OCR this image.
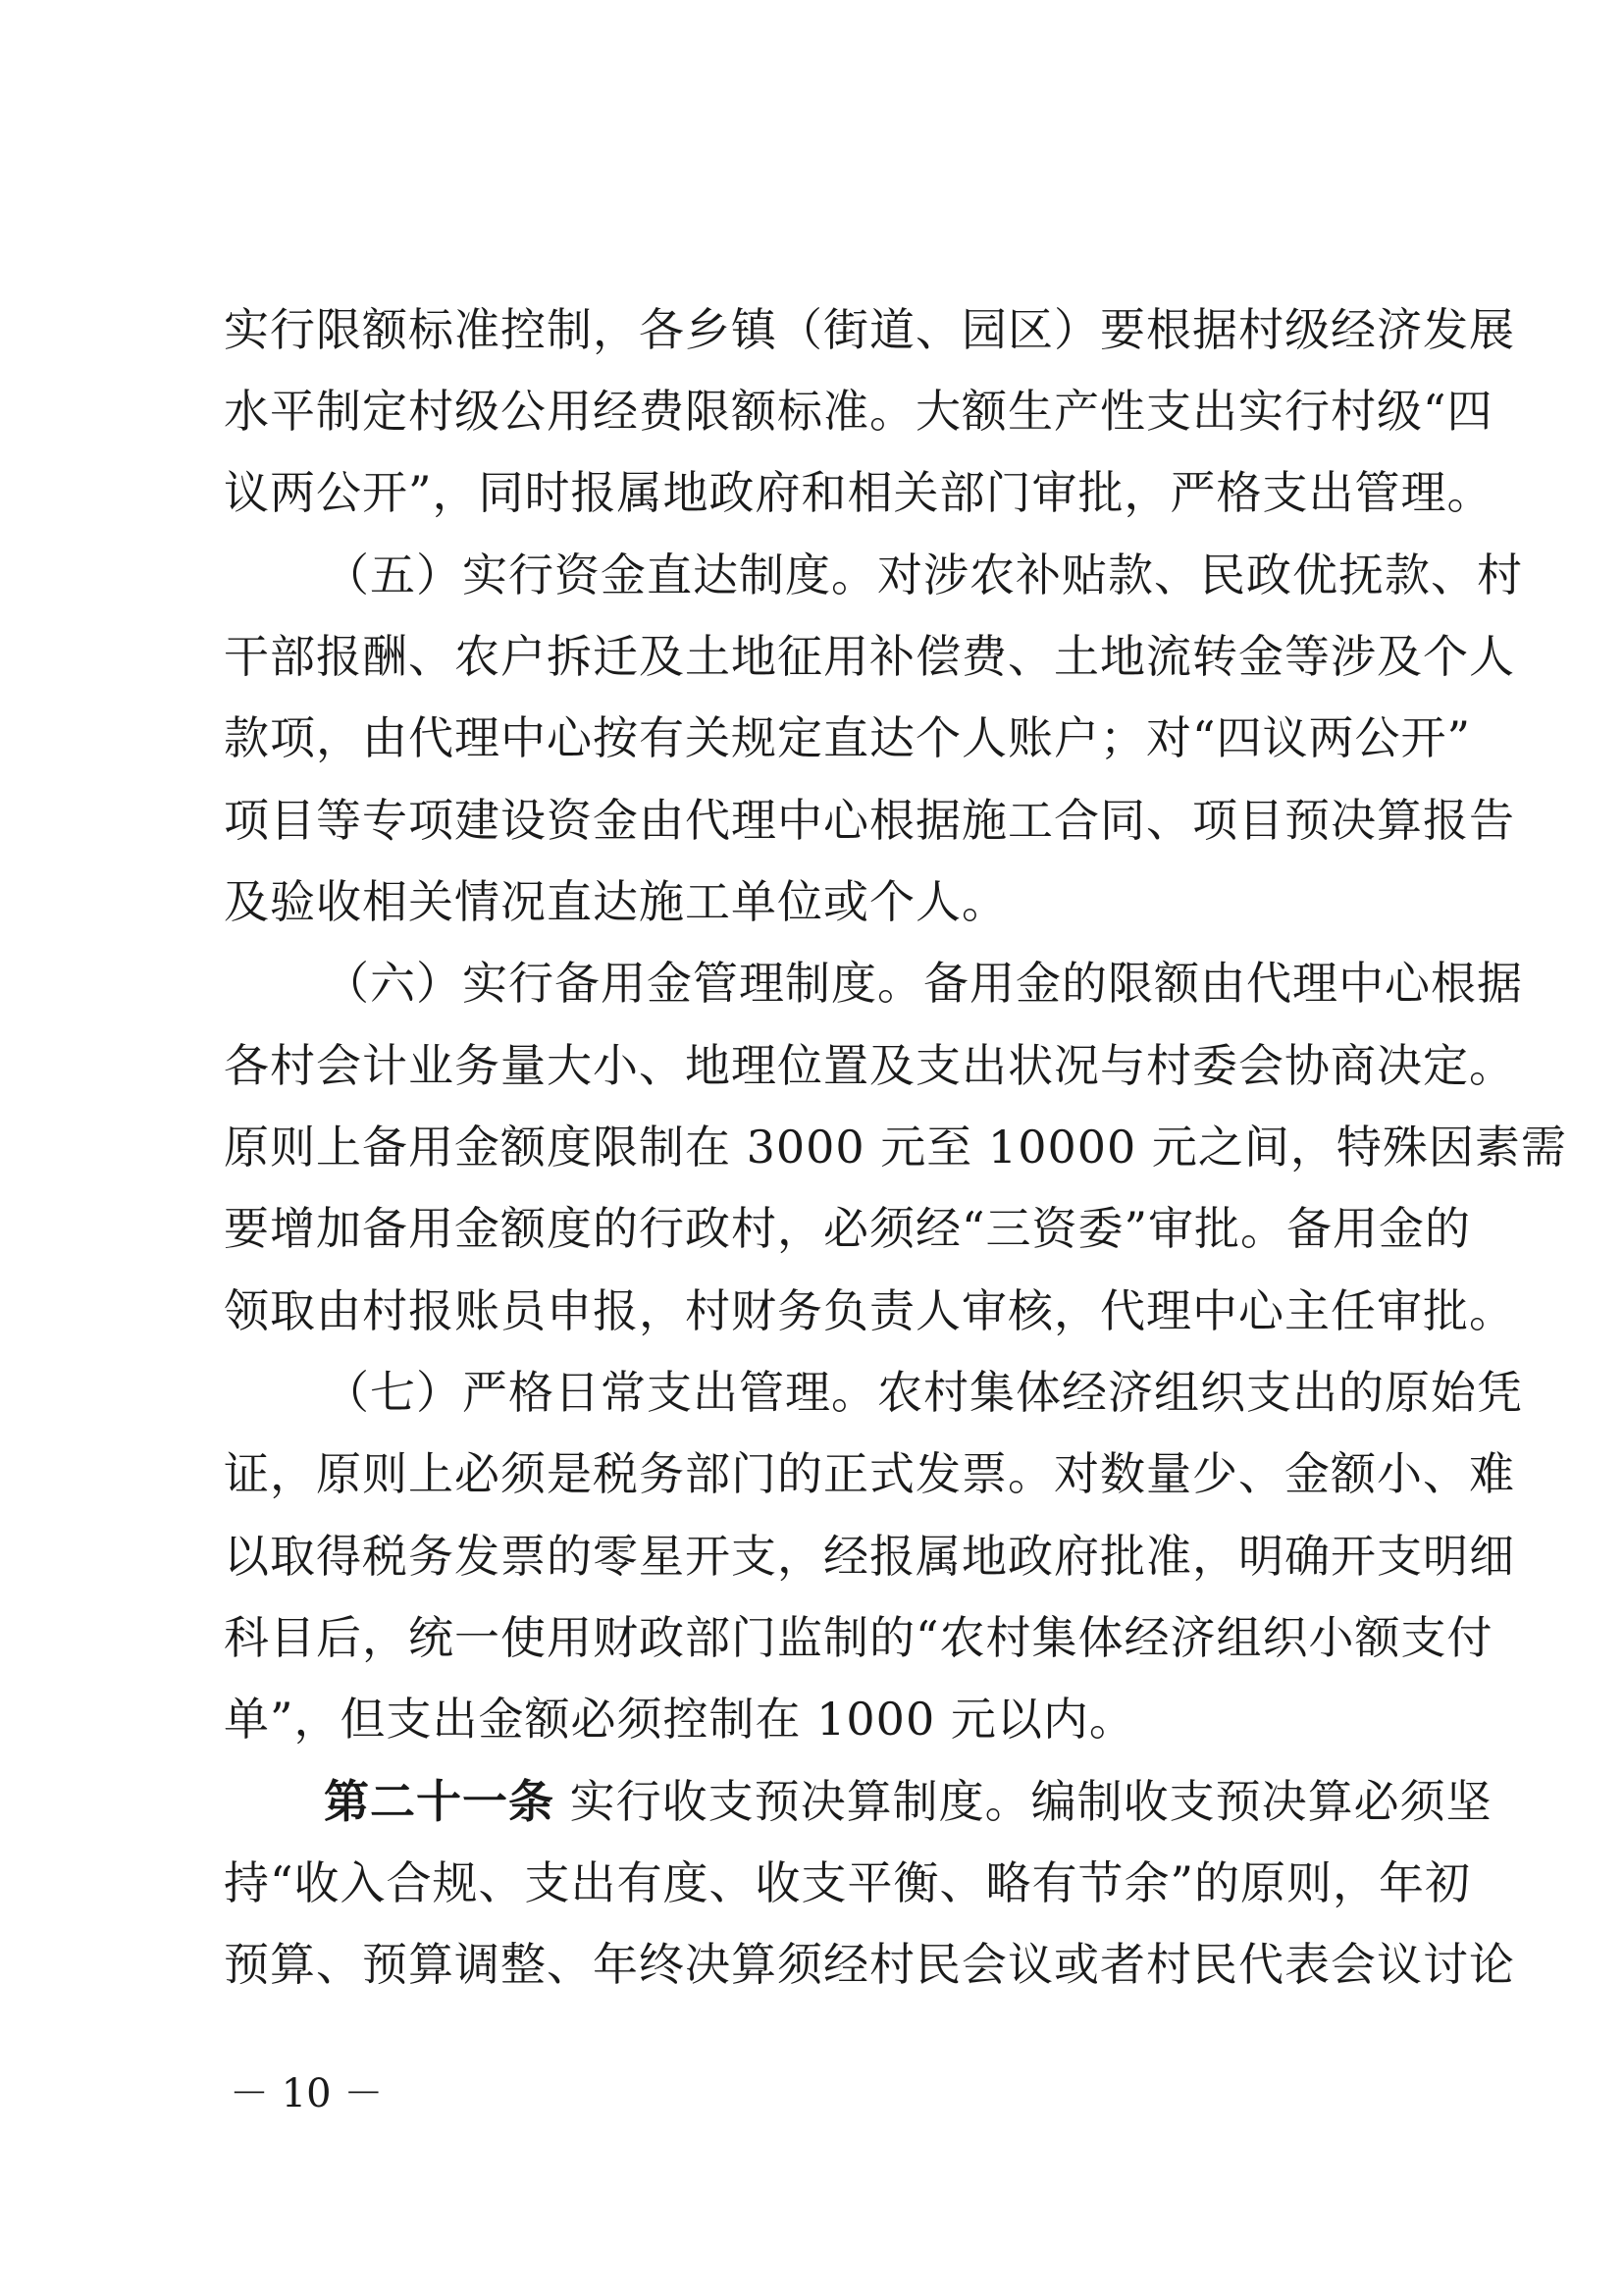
实行限额标准控制，各乡镇（街道、园区）要根据村级经济发展
水平制定村级公用经费限额标准。大额生产性支出实行村级“四
议两公开”，同时报属地政府和相关部门审批，严格支出管理。
（五）实行资金直达制度。对涉农补贴款、民政优抚款、村
干部报酬、农户拆迁及土地征用补偿费、土地流转金等涉及个人
款项，由代理中心按有关规定直达个人账户；对“四议两公开”
项目等专项建设资金由代理中心根据施工合同、项目预决算报告
及验收相关情况直达施工单位或个人。
（六）实行备用金管理制度。备用金的限额由代理中心根据
各村会计业务量大小、地理位置及支出状况与村委会协商决定。
原则上备用金额度限制在 3000 元至 10000 元之间，特殊因素需
要增加备用金额度的行政村，必须经“三资委”审批。备用金的
领取由村报账员申报，村财务负责人审核，代理中心主任审批。
（七）严格日常支出管理。农村集体经济组织支出的原始凭
证，原则上必须是税务部门的正式发票。对数量少、金额小、难
以取得税务发票的零星开支，经报属地政府批准，明确开支明细
科目后，统一使用财政部门监制的“农村集体经济组织小额支付
单”，但支出金额必须控制在 1000 元以内。
第二十一条 实行收支预决算制度。编制收支预决算必须坚
持“收入合规、支出有度、收支平衡、略有节余”的原则，年初
预算、预算调整、年终决算须经村民会议或者村民代表会议讨论
－ 10 －
